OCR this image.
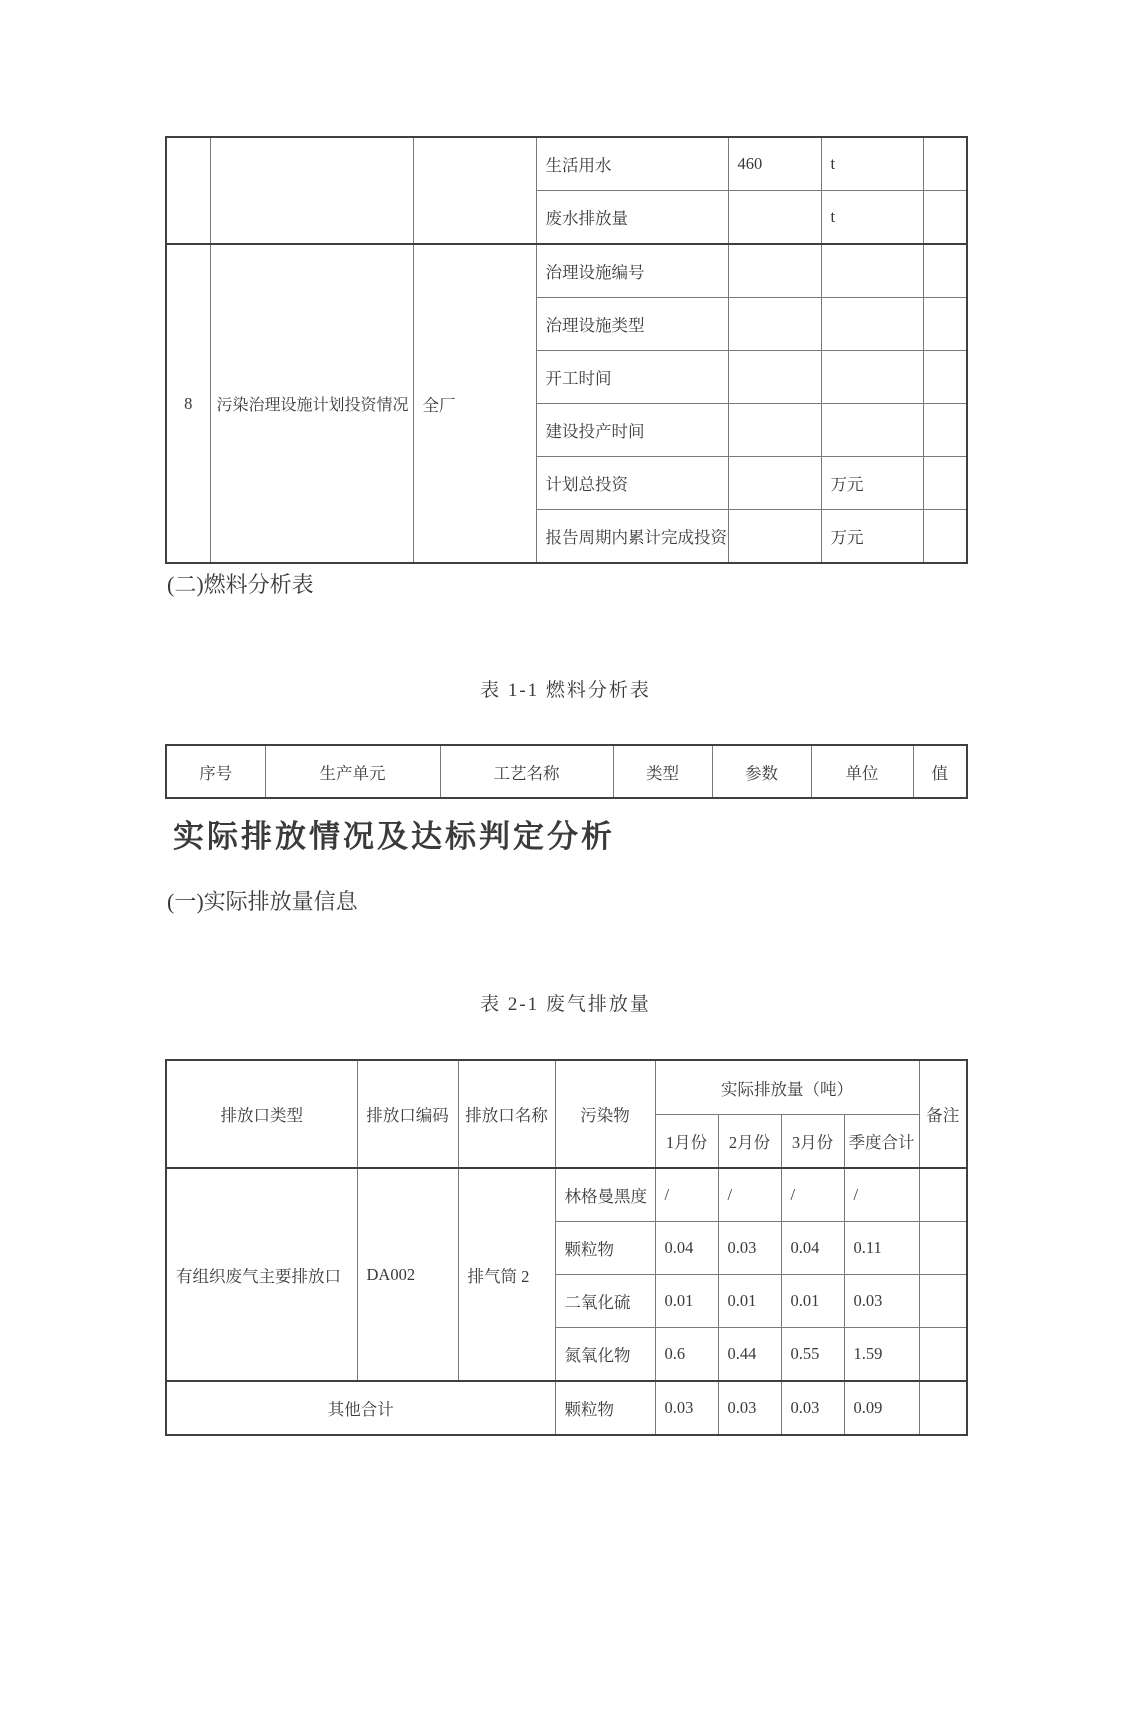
			生活用水	460	t	
			废水排放量		t	
8	污染治理设施计划投资情况	全厂	治理设施编号			
			治理设施类型			
			开工时间			
			建设投产时间			
			计划总投资		万元	
			报告周期内累计完成投资		万元	
(二)燃料分析表
表 1-1 燃料分析表
序号	生产单元	工艺名称	类型	参数	单位	值
实际排放情况及达标判定分析
(一)实际排放量信息
表 2-1 废气排放量
排放口类型	排放口编码	排放口名称	污染物	实际排放量（吨）				备注
				1月份	2月份	3月份	季度合计	
有组织废气主要排放口	DA002	排气筒 2	林格曼黑度	/	/	/	/	
			颗粒物	0.04	0.03	0.04	0.11	
			二氧化硫	0.01	0.01	0.01	0.03	
			氮氧化物	0.6	0.44	0.55	1.59	
其他合计			颗粒物	0.03	0.03	0.03	0.09	
